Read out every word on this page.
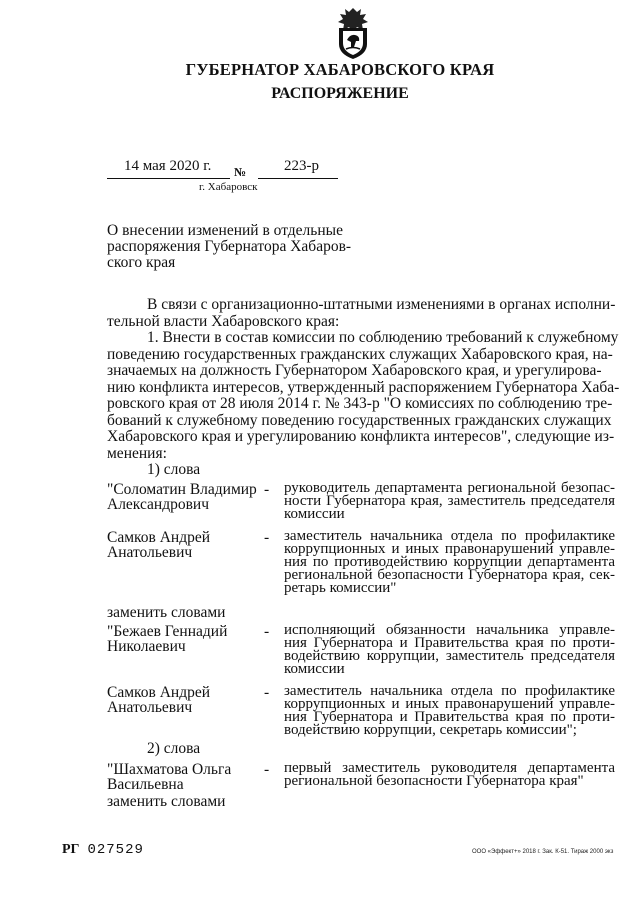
ГУБЕРНАТОР ХАБАРОВСКОГО КРАЯ
РАСПОРЯЖЕНИЕ
14 мая 2020 г. №	223-р
г. Хабаровск
О внесении изменений в отдельные
распоряжения Губернатора Хабаров-
ского края
В связи с организационно-штатными изменениями в органах исполни-
тельной власти Хабаровского края:
1. Внести в состав комиссии по соблюдению требований к служебному
поведению государственных гражданских служащих Хабаровского края, на-
значаемых на должность Губернатором Хабаровского края, и урегулирова-
нию конфликта интересов, утвержденный распоряжением Губернатора Хаба-
ровского края от 28 июля 2014 г. № 343-р "О комиссиях по соблюдению тре-
бований к служебному поведению государственных гражданских служащих
Хабаровского края и урегулированию конфликта интересов", следующие из-
менения:
1) слова
"Соломатин Владимир
Александрович
- руководитель департамента региональной безопас-ности Губернатора края, заместитель председателя комиссии
Самков Андрей
Анатольевич
- заместитель начальника отдела по профилактике коррупционных и иных правонарушений управле-ния по противодействию коррупции департамента региональной безопасности Губернатора края, сек-ретарь комиссии"
заменить словами
"Бежаев Геннадий
Николаевич
- исполняющий обязанности начальника управле-ния Губернатора и Правительства края по проти-водействию коррупции, заместитель председателя комиссии
Самков Андрей
Анатольевич
- заместитель начальника отдела по профилактике коррупционных и иных правонарушений управле-ния Губернатора и Правительства края по проти-водействию коррупции, секретарь комиссии";
2) слова
"Шахматова Ольга
Васильевна
- первый заместитель руководителя департамента региональной безопасности Губернатора края"
заменить словами
РГ 027529	ООО «Эффект+» 2018 г. Зак. К-51. Тираж 2000 экз
